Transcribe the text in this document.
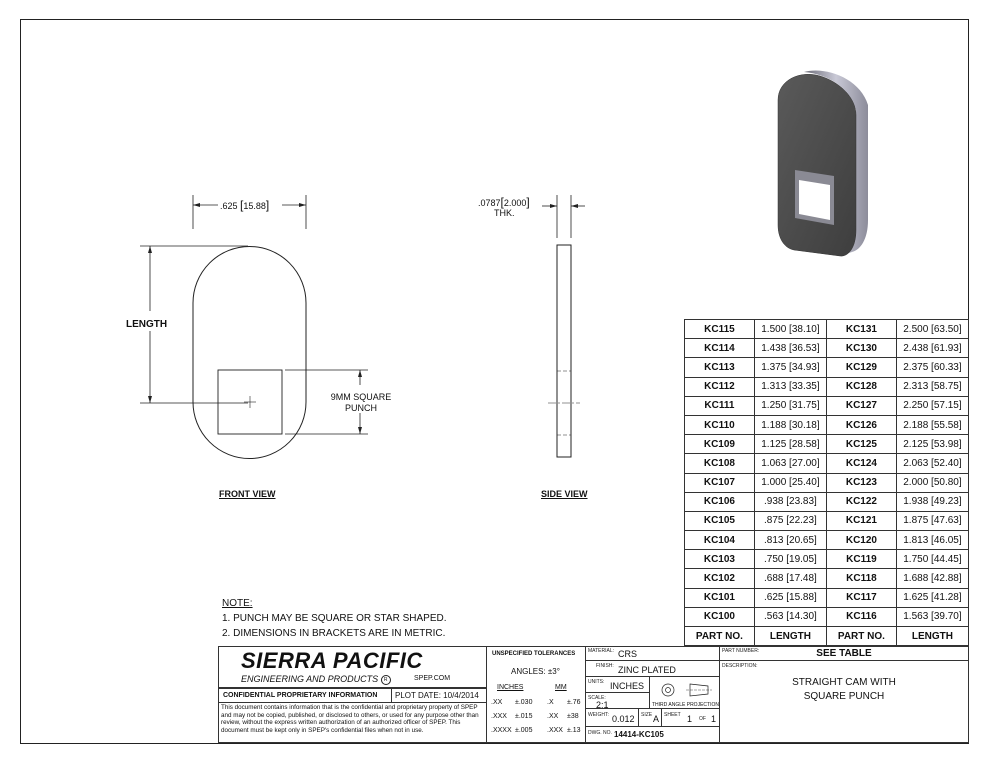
.625 [15.88]
LENGTH
9MM SQUARE
PUNCH
FRONT VIEW
.0787[2.000]
THK.
SIDE VIEW
KC115	1.500 [38.10]	KC131	2.500 [63.50]
KC114	1.438 [36.53]	KC130	2.438 [61.93]
KC113	1.375 [34.93]	KC129	2.375 [60.33]
KC112	1.313 [33.35]	KC128	2.313 [58.75]
KC111	1.250 [31.75]	KC127	2.250 [57.15]
KC110	1.188 [30.18]	KC126	2.188 [55.58]
KC109	1.125 [28.58]	KC125	2.125 [53.98]
KC108	1.063 [27.00]	KC124	2.063 [52.40]
KC107	1.000 [25.40]	KC123	2.000 [50.80]
KC106	.938 [23.83]	KC122	1.938 [49.23]
KC105	.875 [22.23]	KC121	1.875 [47.63]
KC104	.813 [20.65]	KC120	1.813 [46.05]
KC103	.750 [19.05]	KC119	1.750 [44.45]
KC102	.688 [17.48]	KC118	1.688 [42.88]
KC101	.625 [15.88]	KC117	1.625 [41.28]
KC100	.563 [14.30]	KC116	1.563 [39.70]
PART NO.	LENGTH	PART NO.	LENGTH
NOTE:
1. PUNCH MAY BE SQUARE OR STAR SHAPED.
2. DIMENSIONS IN BRACKETS ARE IN METRIC.
SIERRA PACIFIC
ENGINEERING AND PRODUCTS R	SPEP.COM
CONFIDENTIAL PROPRIETARY INFORMATION PLOT DATE: 10/4/2014
This document contains information that is the confidential and proprietary property of SPEP and may not be copied, published, or disclosed to others, or used for any purpose other than review, without the express written authorization of an authorized officer of SPEP. This document must be kept only in SPEP's confidential files when not in use.
UNSPECIFIED TOLERANCES
ANGLES: ±3°
INCHES	MM
.XX ±.030 .X ±.76
.XXX ±.015 .XX ±38
.XXXX ±.005 .XXX ±.13
MATERIAL: CRS
FINISH: ZINC PLATED
UNITS: INCHES
THIRD ANGLE PROJECTION
SCALE:
2:1
WEIGHT: 0.012 SIZE A SHEET 1 OF 1
DWG. NO. 14414-KC105
PART NUMBER:	SEE TABLE
DESCRIPTION:
STRAIGHT CAM WITH
SQUARE PUNCH
